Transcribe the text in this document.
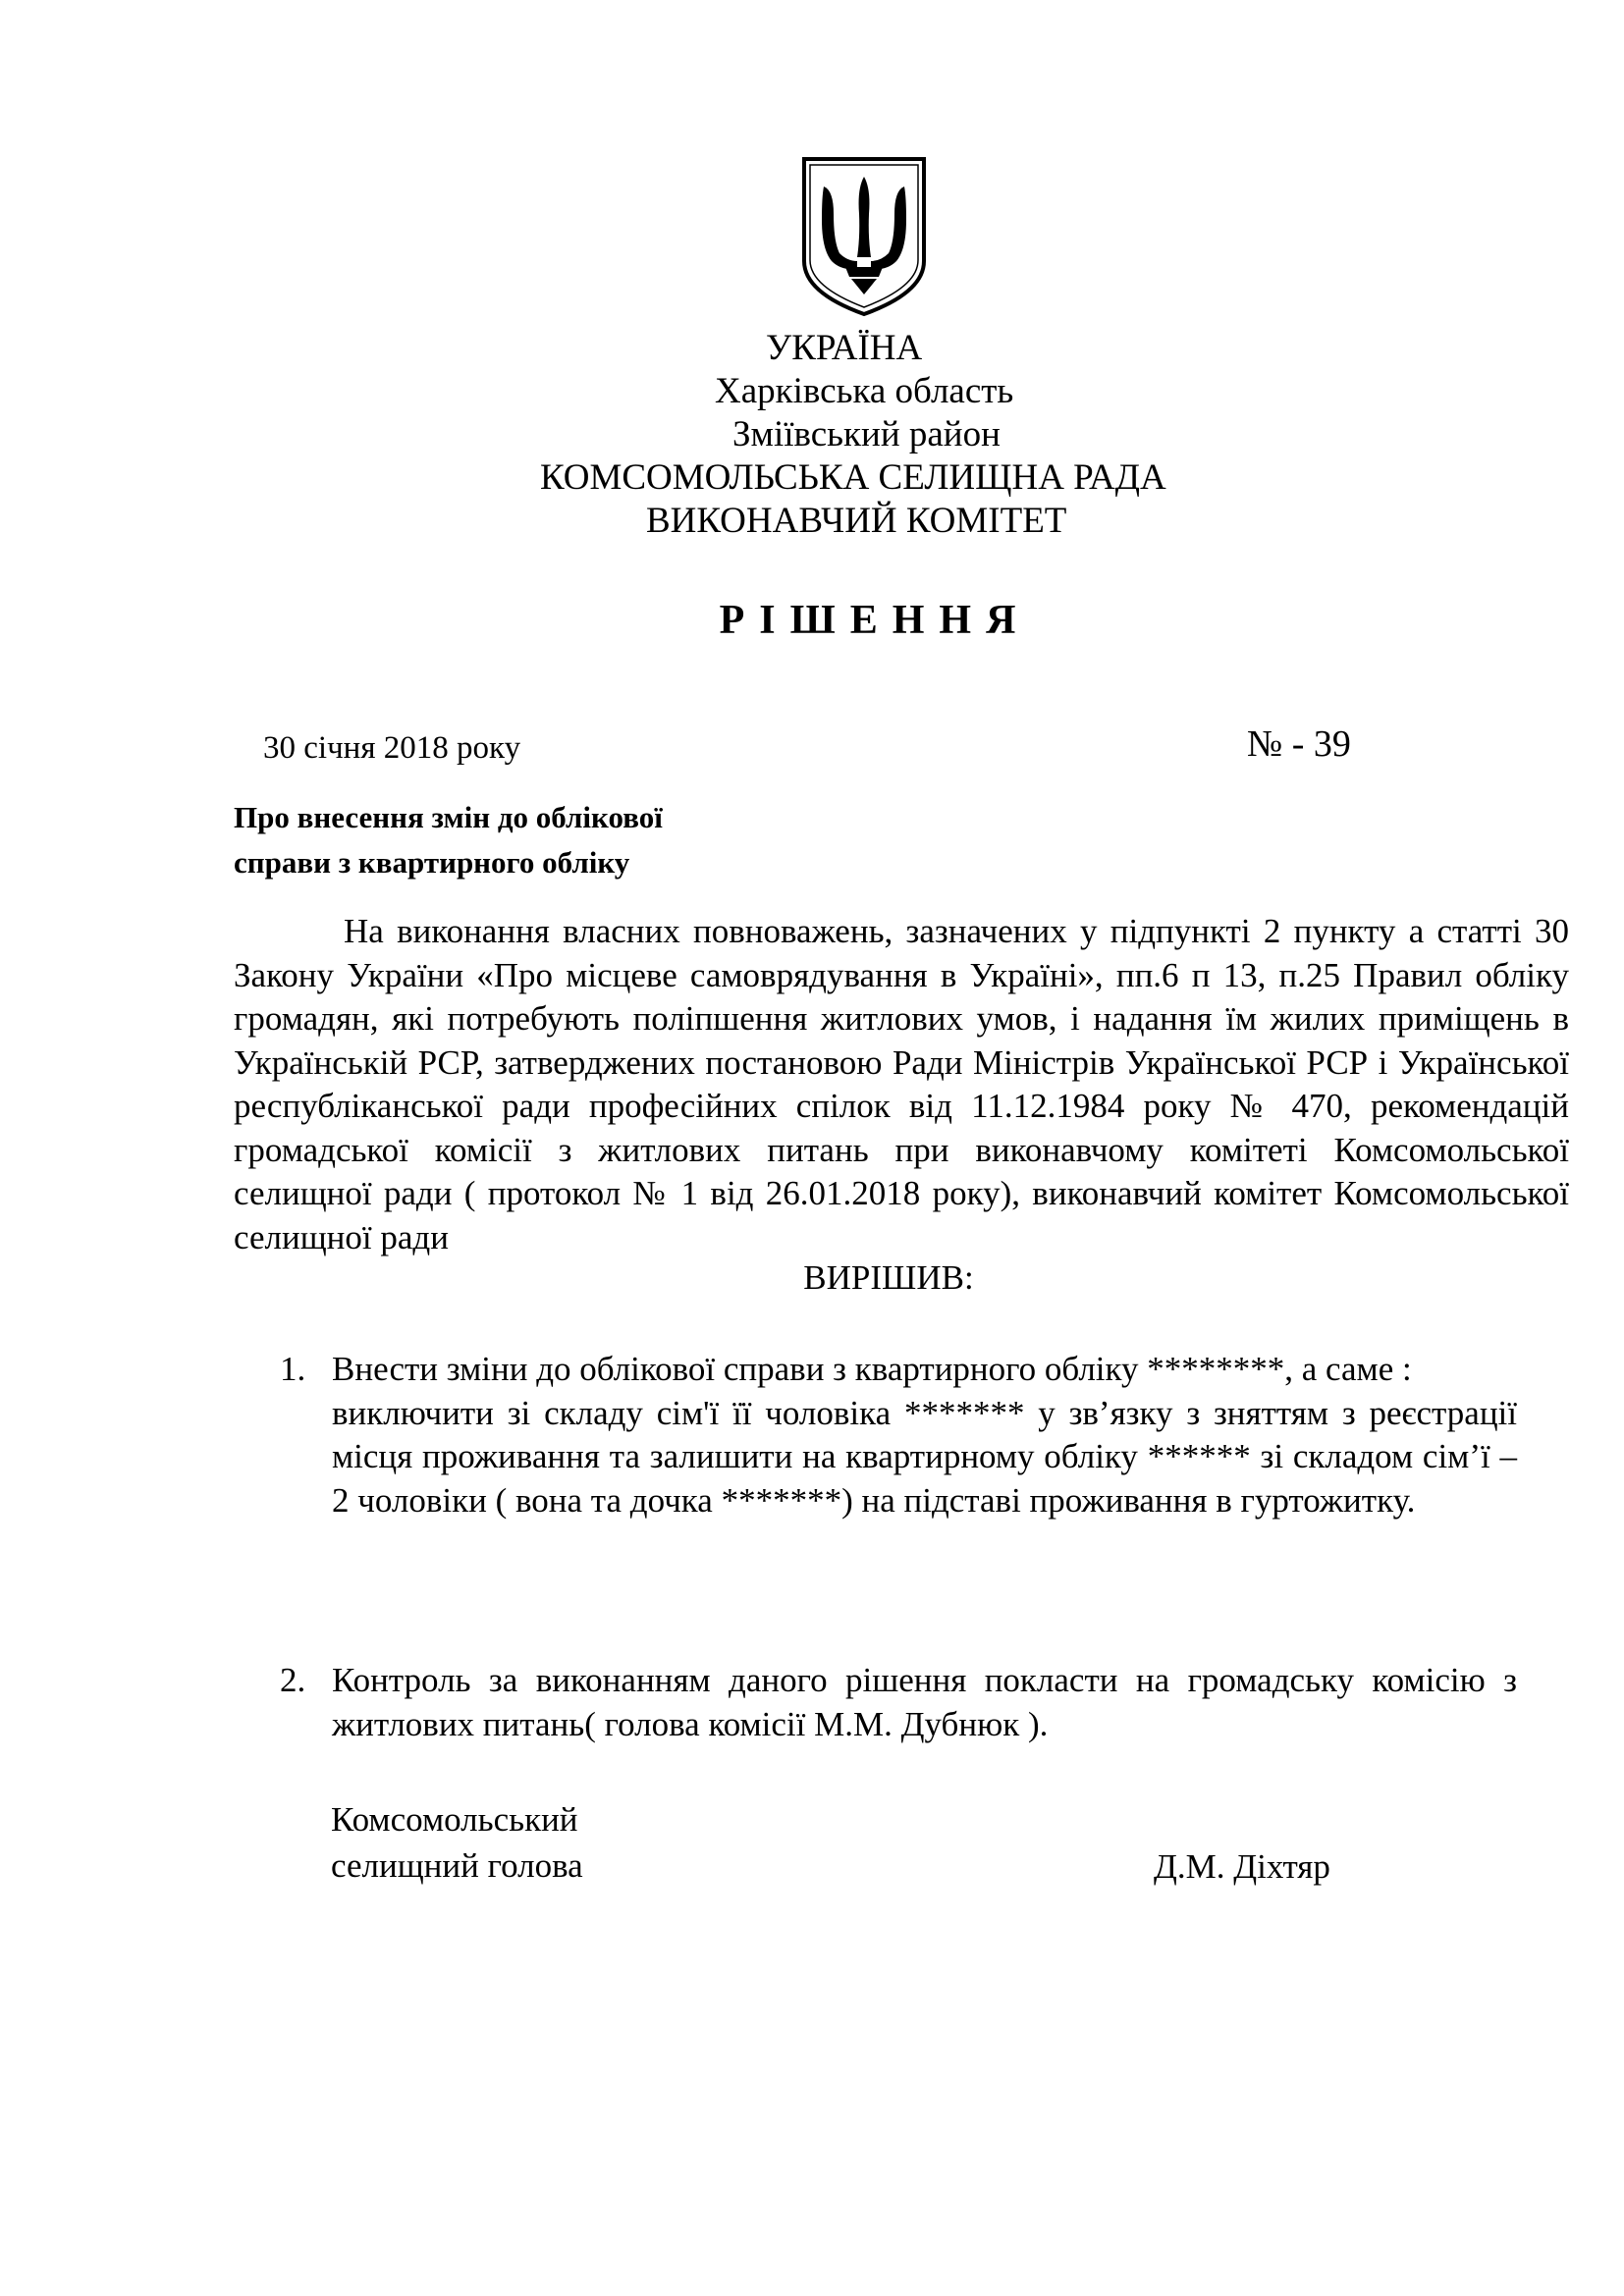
УКРАЇНА
Харківська область
Зміївський район
КОМСОМОЛЬСЬКА СЕЛИЩНА РАДА
ВИКОНАВЧИЙ КОМІТЕТ
РІШЕННЯ
30 січня 2018 року	№ - 39
Про внесення змін до облікової
справи з квартирного обліку
На виконання власних повноважень, зазначених у підпункті 2 пункту а статті 30 Закону України «Про місцеве самоврядування в Україні», пп.6 п 13, п.25 Правил обліку громадян, які потребують поліпшення житлових умов, і надання їм жилих приміщень в Українській РСР, затверджених постановою Ради Міністрів Української РСР і Української республіканської ради професійних спілок від 11.12.1984 року № 470, рекомендацій громадської комісії з житлових питань при виконавчому комітеті Комсомольської селищної ради ( протокол № 1 від 26.01.2018 року), виконавчий комітет Комсомольської селищної ради
ВИРІШИВ:
1. Внести зміни до облікової справи з квартирного обліку ********, а саме :

виключити зі складу сім'ї її чоловіка ******* у зв’язку з зняттям з реєстрації місця проживання та залишити на квартирному обліку ****** зі складом сім’ї – 2 чоловіки ( вона та дочка *******) на підставі проживання в гуртожитку.

2. Контроль за виконанням даного рішення покласти на громадську комісію з житлових питань( голова комісії М.М. Дубнюк ).

Комсомольський
селищний голова	Д.М. Діхтяр
